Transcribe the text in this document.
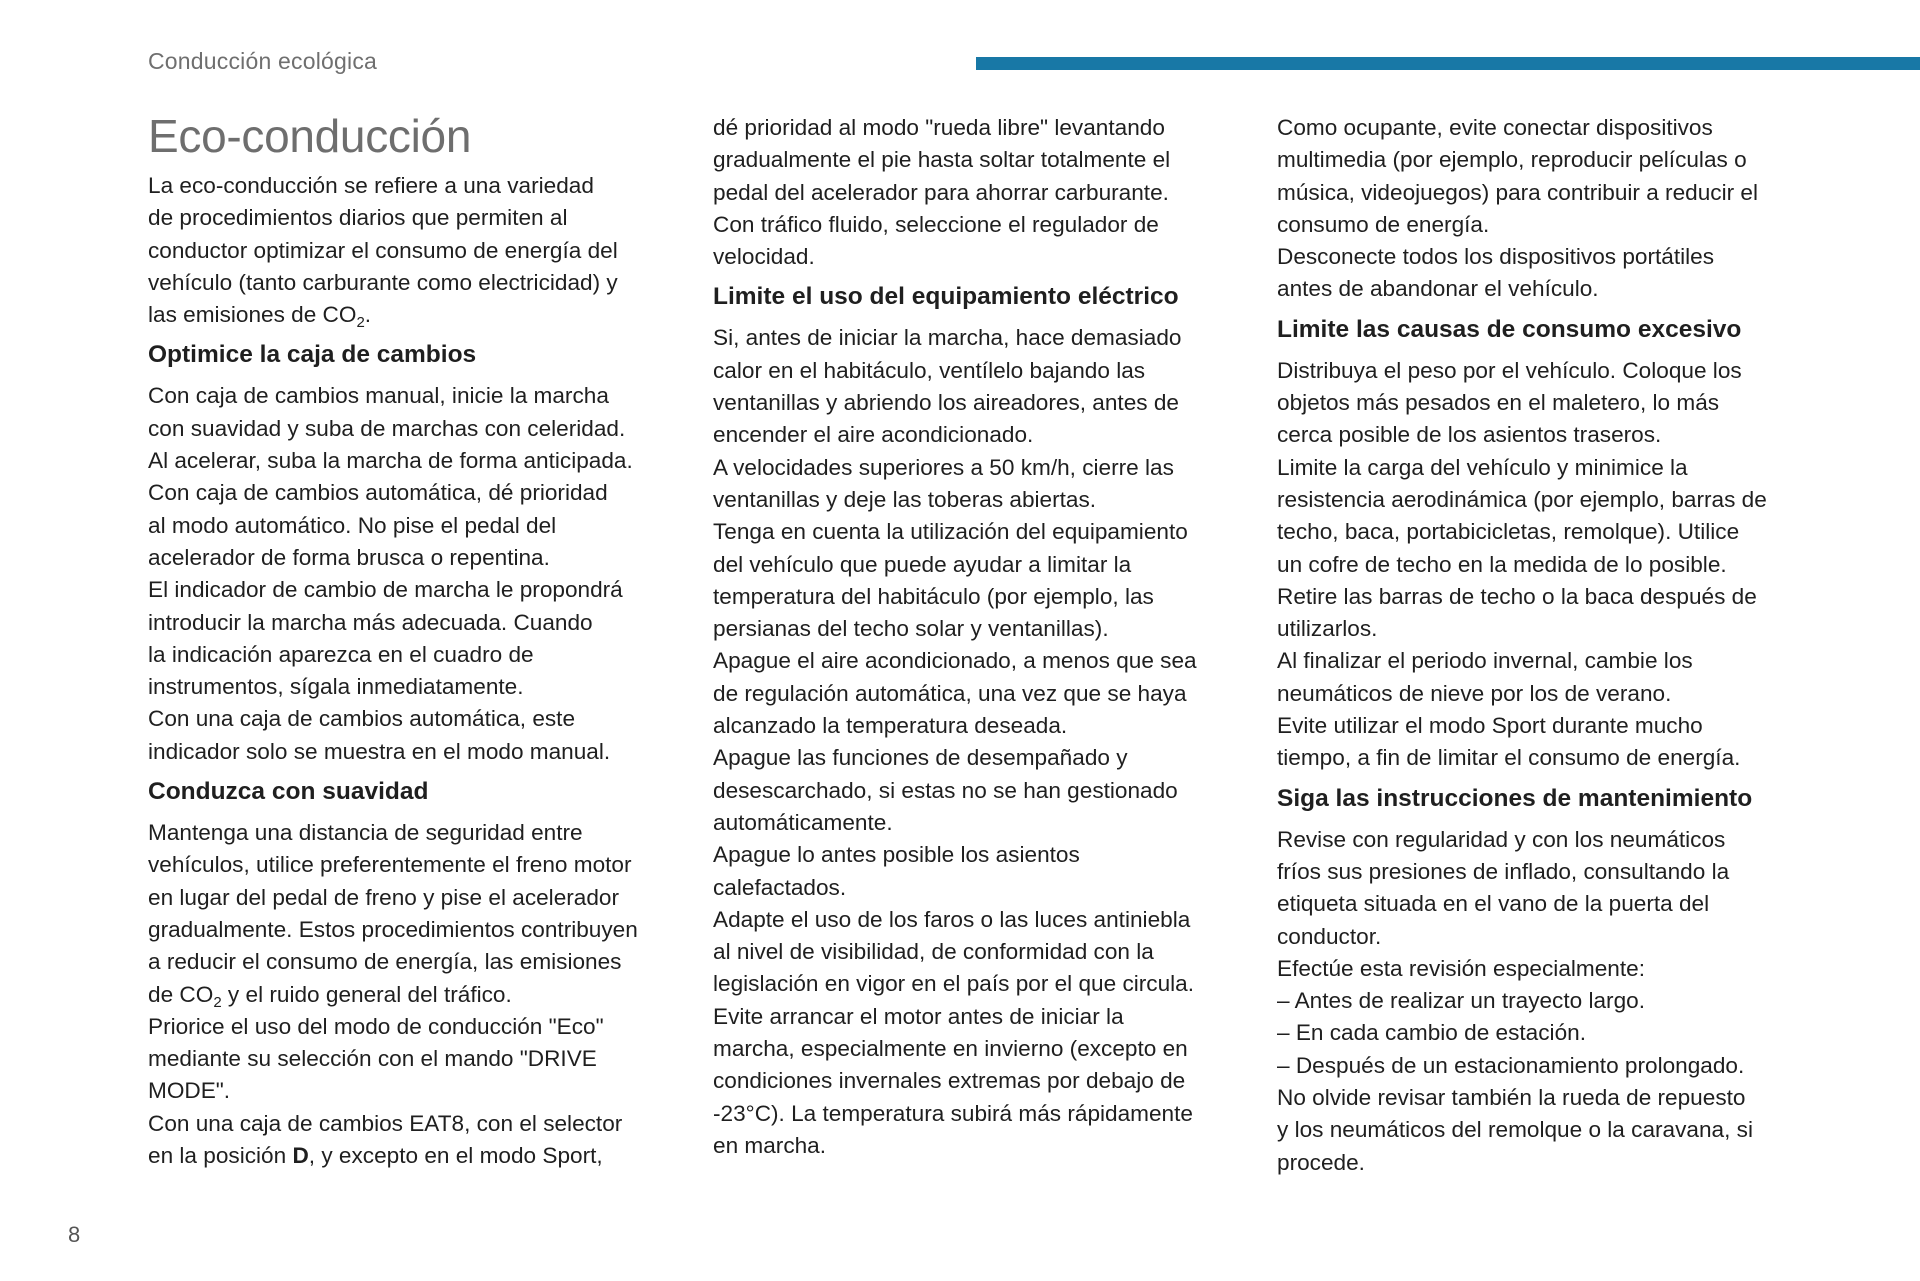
Conducción ecológica
Eco-conducción

La eco-conducción se refiere a una variedad

de procedimientos diarios que permiten al

conductor optimizar el consumo de energía del

vehículo (tanto carburante como electricidad) y

las emisiones de $CO_2$.

Optimice la caja de cambios

Con caja de cambios manual, inicie la marcha

con suavidad y suba de marchas con celeridad.

Al acelerar, suba la marcha de forma anticipada.

Con caja de cambios automática, dé prioridad

al modo automático. No pise el pedal del

acelerador de forma brusca o repentina.

El indicador de cambio de marcha le propondrá

introducir la marcha más adecuada. Cuando

la indicación aparezca en el cuadro de

instrumentos, sígala inmediatamente.

Con una caja de cambios automática, este

indicador solo se muestra en el modo manual.

Conduzca con suavidad

Mantenga una distancia de seguridad entre

vehículos, utilice preferentemente el freno motor

en lugar del pedal de freno y pise el acelerador

gradualmente. Estos procedimientos contribuyen

a reducir el consumo de energía, las emisiones

de $CO_2$ y el ruido general del tráfico.

Priorice el uso del modo de conducción "Eco"

mediante su selección con el mando "DRIVE

MODE".

Con una caja de cambios EAT8, con el selector

en la posición D, y excepto en el modo Sport,

dé prioridad al modo "rueda libre" levantando

gradualmente el pie hasta soltar totalmente el

pedal del acelerador para ahorrar carburante.

Con tráfico fluido, seleccione el regulador de

velocidad.

Limite el uso del equipamiento eléctrico

Si, antes de iniciar la marcha, hace demasiado

calor en el habitáculo, ventílelo bajando las

ventanillas y abriendo los aireadores, antes de

encender el aire acondicionado.

A velocidades superiores a 50 km/h, cierre las

ventanillas y deje las toberas abiertas.

Tenga en cuenta la utilización del equipamiento

del vehículo que puede ayudar a limitar la

temperatura del habitáculo (por ejemplo, las

persianas del techo solar y ventanillas).

Apague el aire acondicionado, a menos que sea

de regulación automática, una vez que se haya

alcanzado la temperatura deseada.

Apague las funciones de desempañado y

desescarchado, si estas no se han gestionado

automáticamente.

Apague lo antes posible los asientos

calefactados.

Adapte el uso de los faros o las luces antiniebla

al nivel de visibilidad, de conformidad con la

legislación en vigor en el país por el que circula.

Evite arrancar el motor antes de iniciar la

marcha, especialmente en invierno (excepto en

condiciones invernales extremas por debajo de

-23°C). La temperatura subirá más rápidamente

en marcha.

Como ocupante, evite conectar dispositivos

multimedia (por ejemplo, reproducir películas o

música, videojuegos) para contribuir a reducir el

consumo de energía.

Desconecte todos los dispositivos portátiles

antes de abandonar el vehículo.

Limite las causas de consumo excesivo

Distribuya el peso por el vehículo. Coloque los

objetos más pesados en el maletero, lo más

cerca posible de los asientos traseros.

Limite la carga del vehículo y minimice la

resistencia aerodinámica (por ejemplo, barras de

techo, baca, portabicicletas, remolque). Utilice

un cofre de techo en la medida de lo posible.

Retire las barras de techo o la baca después de

utilizarlos.

Al finalizar el periodo invernal, cambie los

neumáticos de nieve por los de verano.

Evite utilizar el modo Sport durante mucho

tiempo, a fin de limitar el consumo de energía.

Siga las instrucciones de mantenimiento

Revise con regularidad y con los neumáticos

fríos sus presiones de inflado, consultando la

etiqueta situada en el vano de la puerta del

conductor.

Efectúe esta revisión especialmente:

– Antes de realizar un trayecto largo.

– En cada cambio de estación.

– Después de un estacionamiento prolongado.

No olvide revisar también la rueda de repuesto

y los neumáticos del remolque o la caravana, si

procede.

8
